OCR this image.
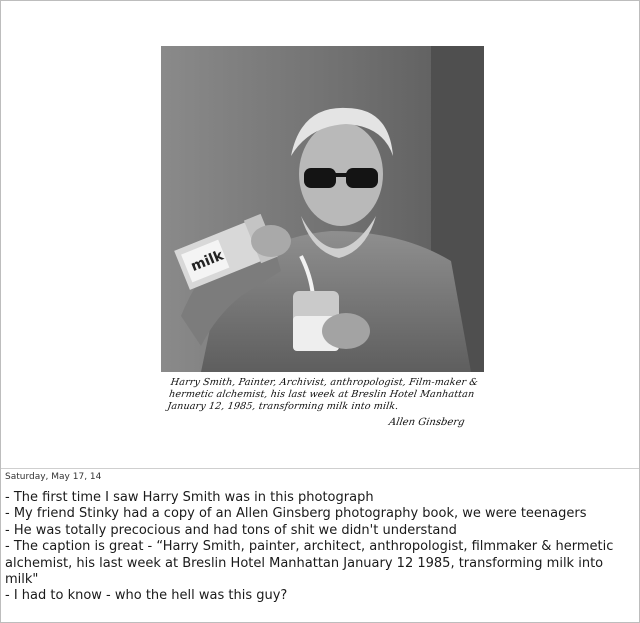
milk
Harry Smith, Painter, Archivist, anthropologist, Film-maker & hermetic alchemist, his last week at Breslin Hotel Manhattan January 12, 1985, transforming milk into milk.
Allen Ginsberg
Saturday, May 17, 14

- The first time I saw Harry Smith was in this photograph

- My friend Stinky had a copy of an Allen Ginsberg photography book, we were teenagers

- He was totally precocious and had tons of shit we didn't understand

- The caption is great - “Harry Smith, painter, architect, anthropologist, filmmaker & hermetic alchemist, his last week at Breslin Hotel Manhattan January 12 1985, transforming milk into milk"

- I had to know - who the hell was this guy?
